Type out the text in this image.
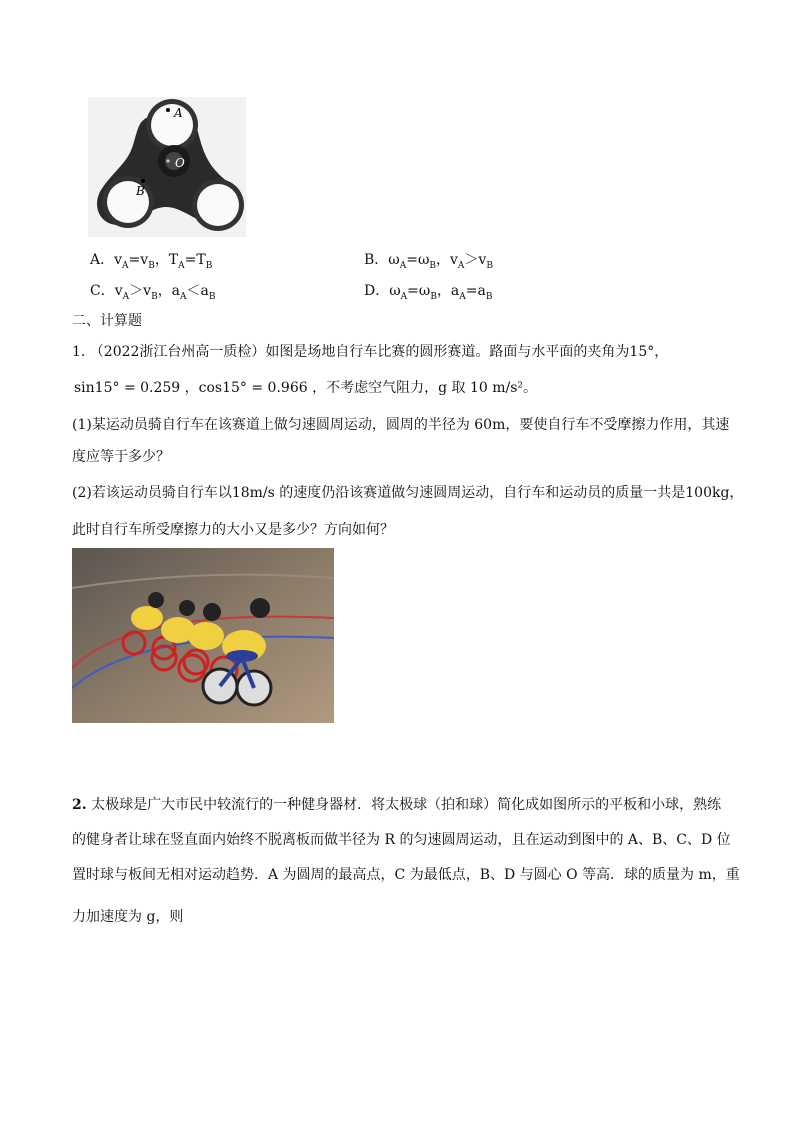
A
O
B
A．$v_A=v_B$，$T_A=T_B$	B．$\omega_A=\omega_B$，$v_A>v_B$
C．$v_A>v_B$，$a_A<a_B$	D．$\omega_A=\omega_B$，$a_A=a_B$
二、计算题
1. （2022浙江台州高一质检）如图是场地自行车比赛的圆形赛道。路面与水平面的夹角为15°，
sin15° = 0.259 ，cos15° = 0.966 ，不考虑空气阻力，g 取 10 m/s²。
(1)某运动员骑自行车在该赛道上做匀速圆周运动，圆周的半径为 60m，要使自行车不受摩擦力作用，其速
度应等于多少？
(2)若该运动员骑自行车以18m/s 的速度仍沿该赛道做匀速圆周运动，自行车和运动员的质量一共是100kg，
此时自行车所受摩擦力的大小又是多少？方向如何？
2. 太极球是广大市民中较流行的一种健身器材．将太极球（拍和球）简化成如图所示的平板和小球，熟练
的健身者让球在竖直面内始终不脱离板而做半径为 R 的匀速圆周运动，且在运动到图中的 A、B、C、D 位
置时球与板间无相对运动趋势．A 为圆周的最高点，C 为最低点，B、D 与圆心 O 等高．球的质量为 m，重
力加速度为 g，则
